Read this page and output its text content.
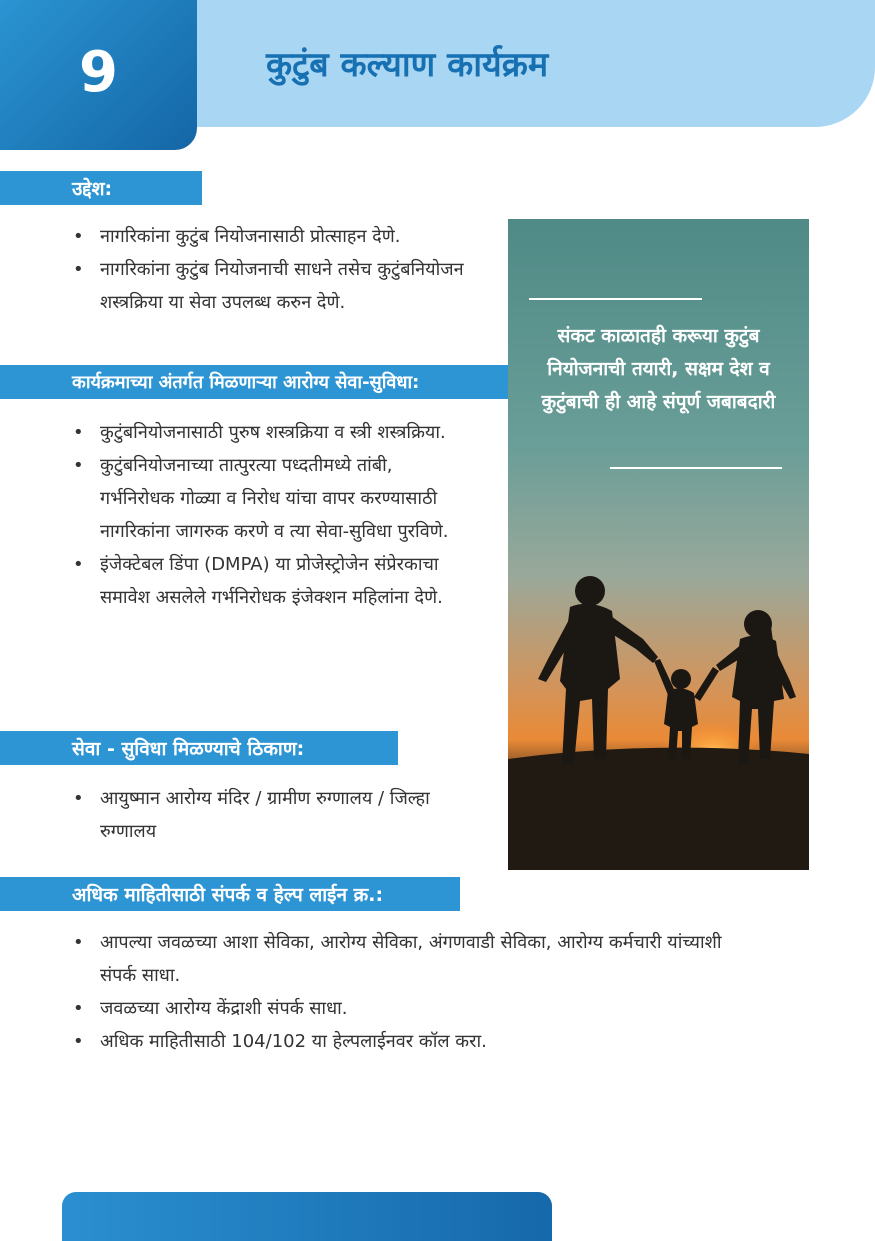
9	कुटुंब कल्याण कार्यक्रम
उद्देश:
• नागरिकांना कुटुंब नियोजनासाठी प्रोत्साहन देणे.
• नागरिकांना कुटुंब नियोजनाची साधने तसेच कुटुंबनियोजन शस्त्रक्रिया या सेवा उपलब्ध करुन देणे.
कार्यक्रमाच्या अंतर्गत मिळणाऱ्या आरोग्य सेवा-सुविधा:
• कुटुंबनियोजनासाठी पुरुष शस्त्रक्रिया व स्त्री शस्त्रक्रिया.
• कुटुंबनियोजनाच्या तात्पुरत्या पध्दतीमध्ये तांबी, गर्भनिरोधक गोळ्या व निरोध यांचा वापर करण्यासाठी नागरिकांना जागरुक करणे व त्या सेवा-सुविधा पुरविणे.
• इंजेक्टेबल डिंपा (DMPA) या प्रोजेस्ट्रोजेन संप्रेरकाचा समावेश असलेले गर्भनिरोधक इंजेक्शन महिलांना देणे.
सेवा - सुविधा मिळण्याचे ठिकाण:
• आयुष्मान आरोग्य मंदिर / ग्रामीण रुग्णालय / जिल्हा रुग्णालय
अधिक माहितीसाठी संपर्क व हेल्प लाईन क्र.:
• आपल्या जवळच्या आशा सेविका, आरोग्य सेविका, अंगणवाडी सेविका, आरोग्य कर्मचारी यांच्याशी संपर्क साधा.
• जवळच्या आरोग्य केंद्राशी संपर्क साधा.
• अधिक माहितीसाठी 104/102 या हेल्पलाईनवर कॉल करा.

संकट काळातही करूया कुटुंब नियोजनाची तयारी, सक्षम देश व कुटुंबाची ही आहे संपूर्ण जबाबदारी
